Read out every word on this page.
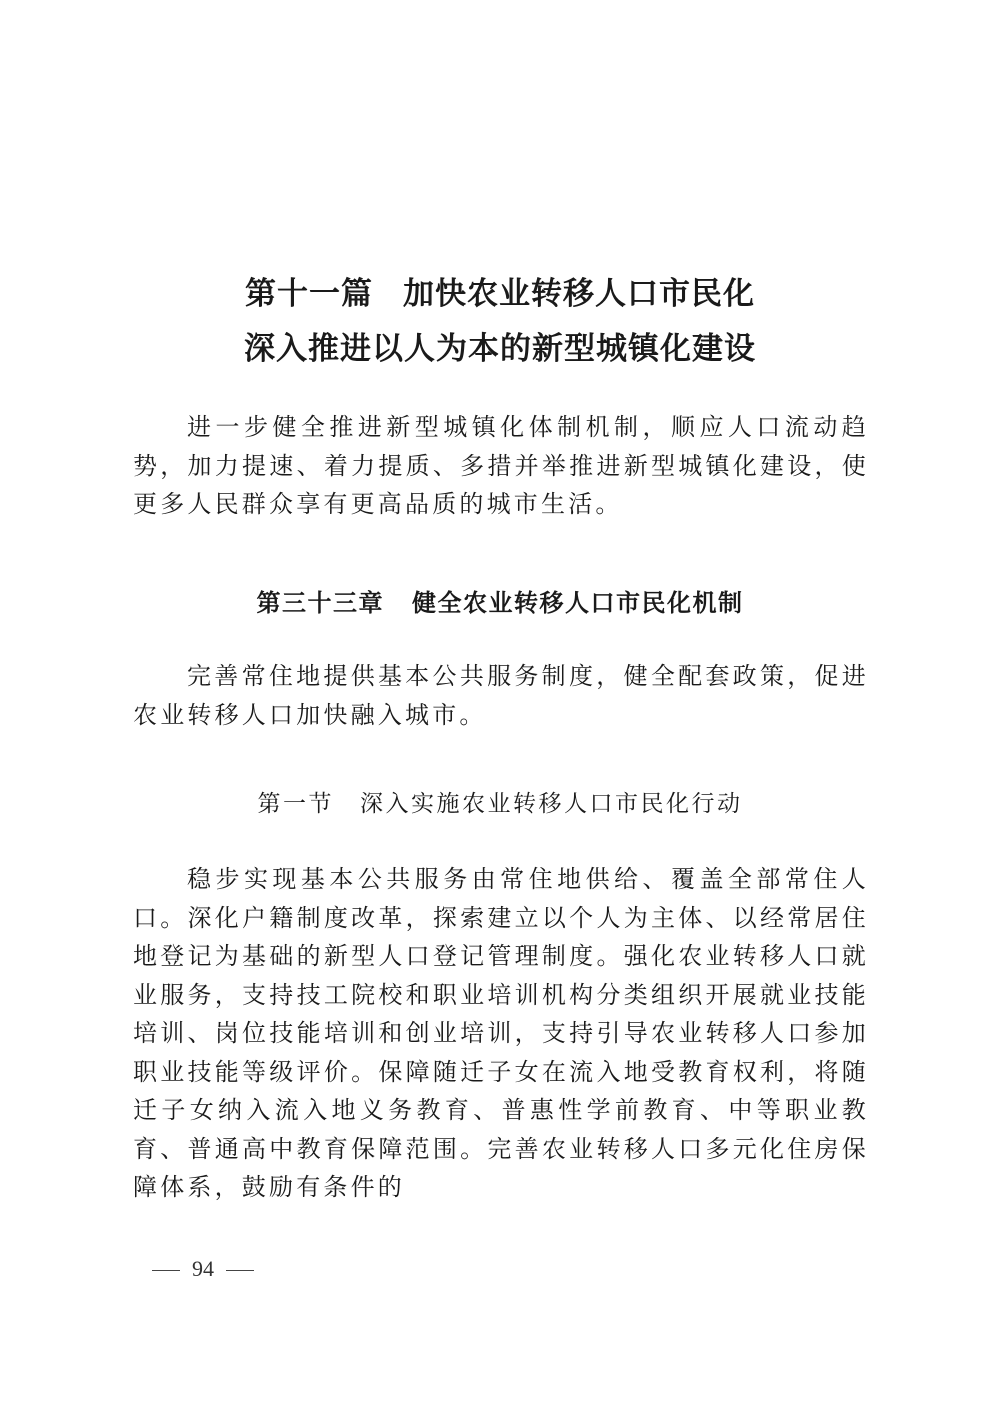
第十一篇 加快农业转移人口市民化
深入推进以人为本的新型城镇化建设

进一步健全推进新型城镇化体制机制，顺应人口流动趋势，加力提速、着力提质、多措并举推进新型城镇化建设，使更多人民群众享有更高品质的城市生活。

第三十三章 健全农业转移人口市民化机制

完善常住地提供基本公共服务制度，健全配套政策，促进农业转移人口加快融入城市。

第一节 深入实施农业转移人口市民化行动

稳步实现基本公共服务由常住地供给、覆盖全部常住人口。深化户籍制度改革，探索建立以个人为主体、以经常居住地登记为基础的新型人口登记管理制度。强化农业转移人口就业服务，支持技工院校和职业培训机构分类组织开展就业技能培训、岗位技能培训和创业培训，支持引导农业转移人口参加职业技能等级评价。保障随迁子女在流入地受教育权利，将随迁子女纳入流入地义务教育、普惠性学前教育、中等职业教育、普通高中教育保障范围。完善农业转移人口多元化住房保障体系，鼓励有条件的

94
